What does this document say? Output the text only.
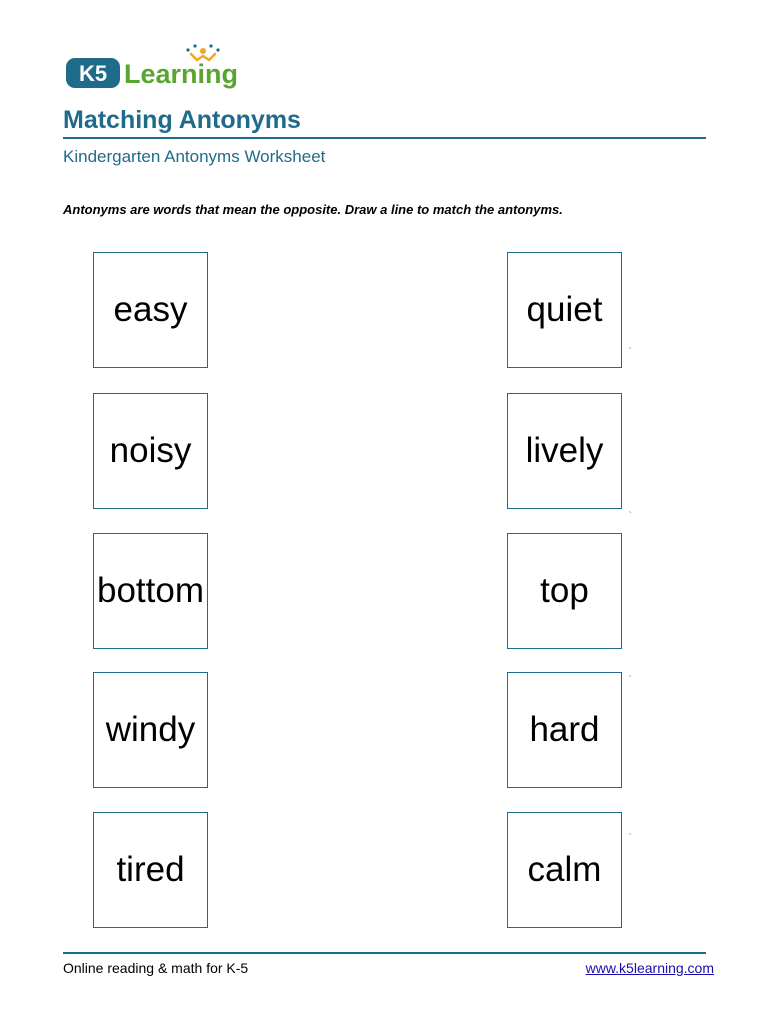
K5 Learning
Matching Antonyms
Kindergarten Antonyms Worksheet
Antonyms are words that mean the opposite. Draw a line to match the antonyms.
easy
noisy
bottom
windy
tired
quiet
lively
top
hard
calm
`
`
`
`
Online reading & math for K-5	www.k5learning.com
